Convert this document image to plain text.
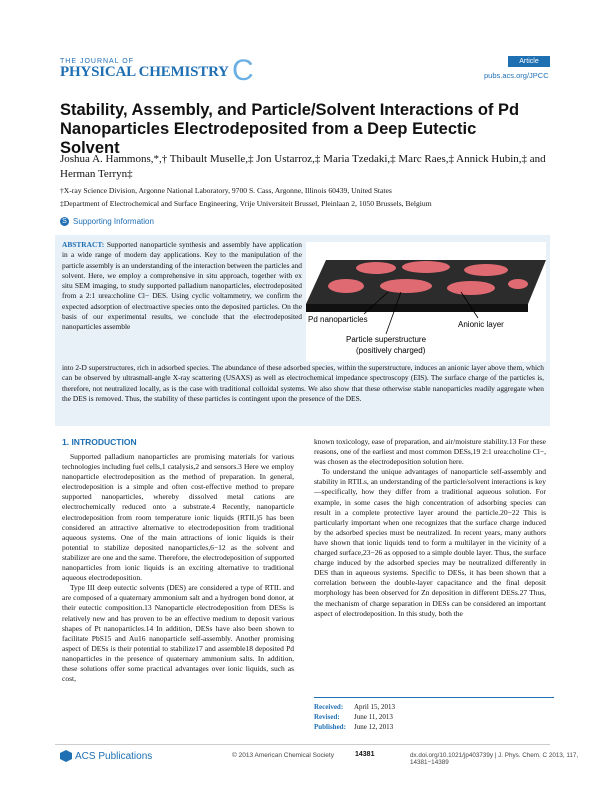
THE JOURNAL OF
PHYSICAL CHEMISTRY C	Article
pubs.acs.org/JPCC
Stability, Assembly, and Particle/Solvent Interactions of Pd Nanoparticles Electrodeposited from a Deep Eutectic Solvent
Joshua A. Hammons,*,† Thibault Muselle,‡ Jon Ustarroz,‡ Maria Tzedaki,‡ Marc Raes,‡ Annick Hubin,‡ and Herman Terryn‡
†X-ray Science Division, Argonne National Laboratory, 9700 S. Cass, Argonne, Illinois 60439, United States
‡Department of Electrochemical and Surface Engineering, Vrije Universiteit Brussel, Pleinlaan 2, 1050 Brussels, Belgium
S Supporting Information
ABSTRACT: Supported nanoparticle synthesis and assembly have application in a wide range of modern day applications. Key to the manipulation of the particle assembly is an understanding of the interaction between the particles and solvent. Here, we employ a comprehensive in situ approach, together with ex situ SEM imaging, to study supported palladium nanoparticles, electrodeposited from a 2:1 urea:choline Cl− DES. Using cyclic voltammetry, we confirm the expected adsorption of electroactive species onto the deposited particles. On the basis of our experimental results, we conclude that the electrodeposited nanoparticles assemble
Pd nanoparticles
Anionic layer
Particle superstructure
(positively charged)
into 2-D superstructures, rich in adsorbed species. The abundance of these adsorbed species, within the superstructure, induces an anionic layer above them, which can be observed by ultrasmall-angle X-ray scattering (USAXS) as well as electrochemical impedance spectroscopy (EIS). The surface charge of the particles is, therefore, not neutralized locally, as is the case with traditional colloidal systems. We also show that these otherwise stable nanoparticles readily aggregate when the DES is removed. Thus, the stability of these particles is contingent upon the presence of the DES.
1. INTRODUCTION

Supported palladium nanoparticles are promising materials for various technologies including fuel cells,1 catalysis,2 and sensors.3 Here we employ nanoparticle electrodeposition as the method of preparation. In general, electrodeposition is a simple and often cost-effective method to prepare supported nanoparticles, whereby dissolved metal cations are electrochemically reduced onto a substrate.4 Recently, nanoparticle electrodeposition from room temperature ionic liquids (RTIL)5 has been considered an attractive alternative to electrodeposition from traditional aqueous systems. One of the main attractions of ionic liquids is their potential to stabilize deposited nanoparticles,6−12 as the solvent and stabilizer are one and the same. Therefore, the electrodeposition of supported nanoparticles from ionic liquids is an exciting alternative to traditional aqueous electrodeposition.

Type III deep eutectic solvents (DES) are considered a type of RTIL and are composed of a quaternary ammonium salt and a hydrogen bond donor, at their eutectic composition.13 Nanoparticle electrodeposition from DESs is relatively new and has proven to be an effective medium to deposit various shapes of Pt nanoparticles.14 In addition, DESs have also been shown to facilitate PbS15 and Au16 nanoparticle self-assembly. Another promising aspect of DESs is their potential to stabilize17 and assemble18 deposited Pd nanoparticles in the presence of quaternary ammonium salts. In addition, these solutions offer some practical advantages over ionic liquids, such as cost,

known toxicology, ease of preparation, and air/moisture stability.13 For these reasons, one of the earliest and most common DESs,19 2:1 urea:choline Cl−, was chosen as the electrodeposition solution here.

To understand the unique advantages of nanoparticle self-assembly and stability in RTILs, an understanding of the particle/solvent interactions is key—specifically, how they differ from a traditional aqueous solution. For example, in some cases the high concentration of adsorbing species can result in a complete protective layer around the particle.20−22 This is particularly important when one recognizes that the surface charge induced by the adsorbed species must be neutralized. In recent years, many authors have shown that ionic liquids tend to form a multilayer in the vicinity of a charged surface,23−26 as opposed to a simple double layer. Thus, the surface charge induced by the adsorbed species may be neutralized differently in DES than in aqueous systems. Specific to DESs, it has been shown that a correlation between the double-layer capacitance and the final deposit morphology has been observed for Zn deposition in different DESs.27 Thus, the mechanism of charge separation in DESs can be considered an important aspect of electrodeposition. In this study, both the

Received: April 15, 2013
Revised: June 11, 2013
Published: June 12, 2013
ACS Publications	© 2013 American Chemical Society	14381	dx.doi.org/10.1021/jp403739y | J. Phys. Chem. C 2013, 117, 14381−14389
